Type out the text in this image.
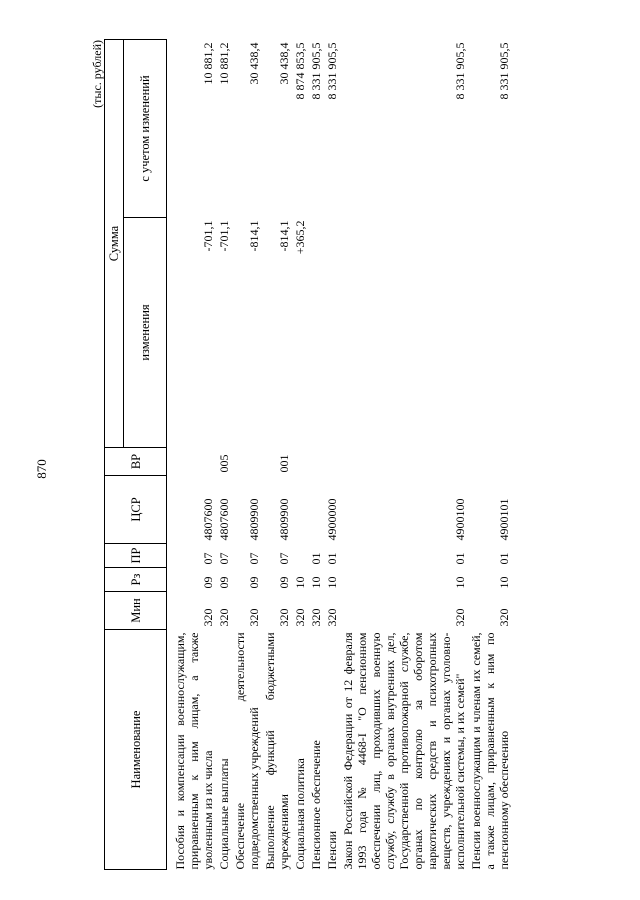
870
(тыс. рублей)
Наименование	Мин	Рз	ПР	ЦСР	ВР	Сумма	
						изменения	с учетом изменений
Пособия и компенсации военнослужащим, приравненным к ним лицам, а также уволенным из их числа	320	09	07	4807600		-701,1	10 881,2
Социальные выплаты	320	09	07	4807600	005	-701,1	10 881,2
Обеспечение деятельности подведомственных учреждений	320	09	07	4809900		-814,1	30 438,4
Выполнение функций бюджетными учреждениями	320	09	07	4809900	001	-814,1	30 438,4
Социальная политика	320	10				+365,2	8 874 853,5
Пенсионное обеспечение	320	10	01				8 331 905,5
Пенсии	320	10	01	4900000			8 331 905,5
Закон Российской Федерации от 12 февраля 1993 года № 4468-I "О пенсионном обеспечении лиц, проходивших военную службу, службу в органах внутренних дел, Государственной противопожарной службе, органах по контролю за оборотом наркотических средств и психотропных веществ, учреждениях и органах уголовно-исполнительной системы, и их семей"	320	10	01	4900100			8 331 905,5
Пенсии военнослужащим и членам их семей, а также лицам, приравненным к ним по пенсионному обеспечению	320	10	01	4900101			8 331 905,5
